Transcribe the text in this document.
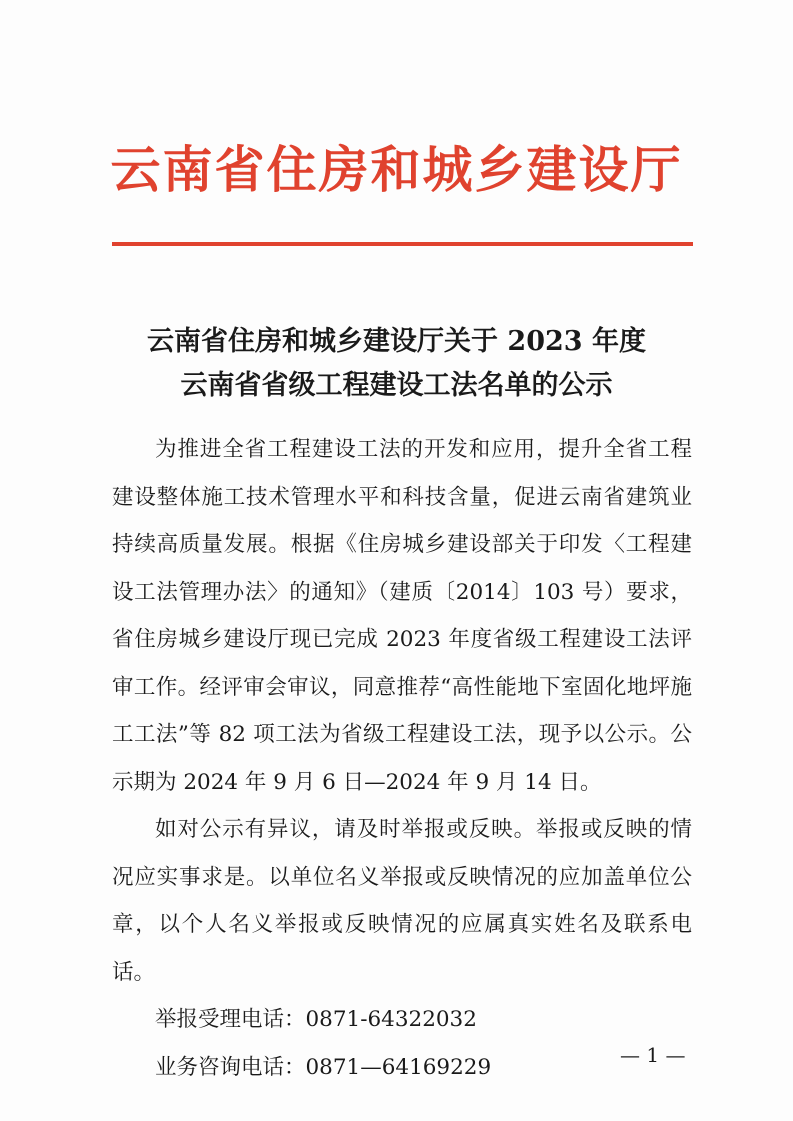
云南省住房和城乡建设厅
云南省住房和城乡建设厅关于 2023 年度
云南省省级工程建设工法名单的公示

为推进全省工程建设工法的开发和应用，提升全省工程建设整体施工技术管理水平和科技含量，促进云南省建筑业持续高质量发展。根据《住房城乡建设部关于印发〈工程建设工法管理办法〉的通知》（建质〔2014〕103 号）要求，省住房城乡建设厅现已完成 2023 年度省级工程建设工法评审工作。经评审会审议，同意推荐“高性能地下室固化地坪施工工法”等 82 项工法为省级工程建设工法，现予以公示。公示期为 2024 年 9 月 6 日—2024 年 9 月 14 日。

如对公示有异议，请及时举报或反映。举报或反映的情况应实事求是。以单位名义举报或反映情况的应加盖单位公章，以个人名义举报或反映情况的应属真实姓名及联系电话。

举报受理电话：0871-64322032

业务咨询电话：0871—64169229	— 1 —
